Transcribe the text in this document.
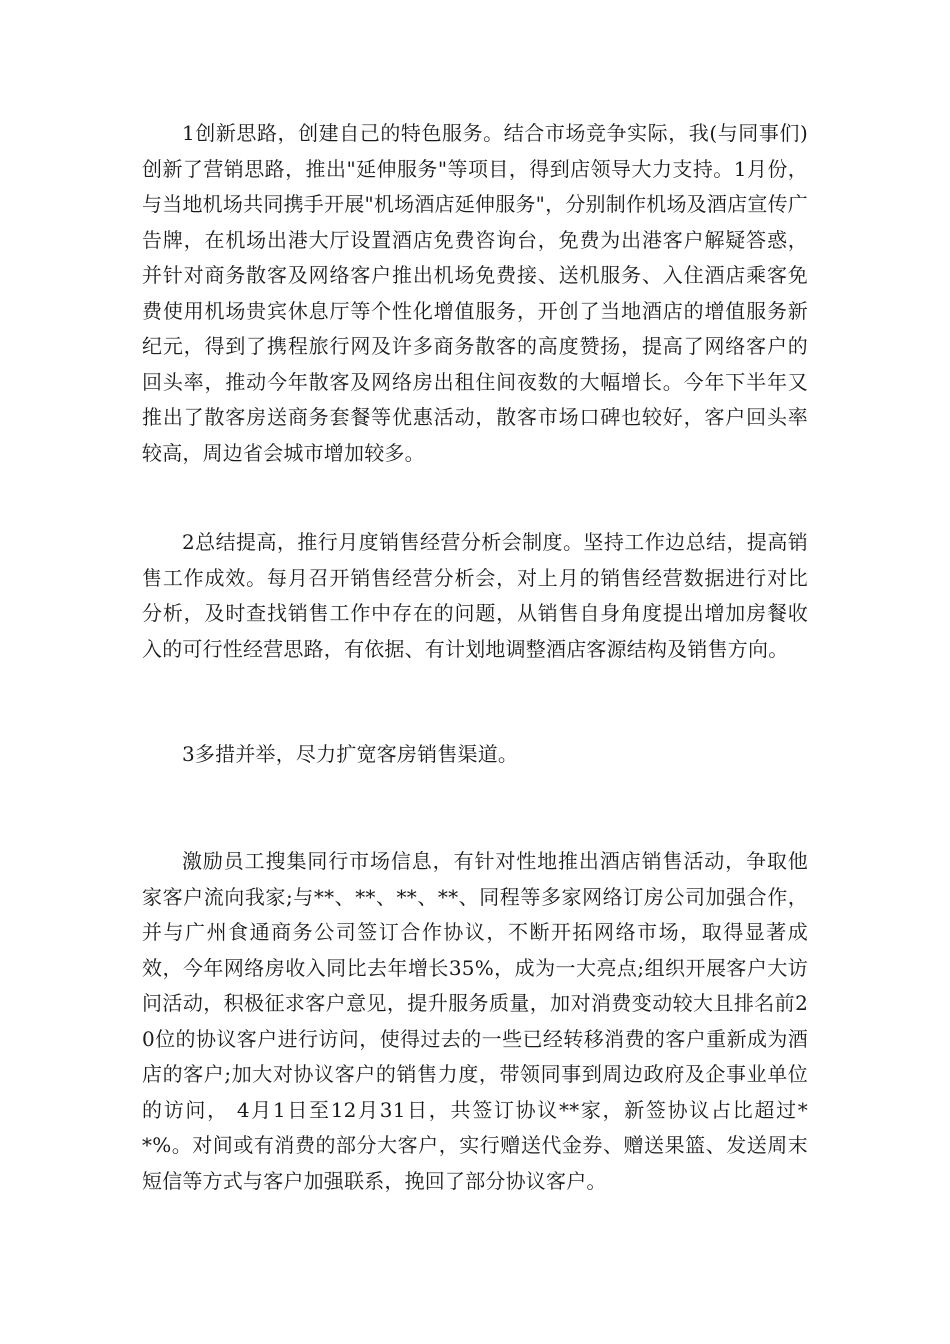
1创新思路，创建自己的特色服务。结合市场竞争实际，我(与同事们)创新了营销思路，推出"延伸服务"等项目，得到店领导大力支持。1月份，与当地机场共同携手开展"机场酒店延伸服务"，分别制作机场及酒店宣传广告牌，在机场出港大厅设置酒店免费咨询台，免费为出港客户解疑答惑，并针对商务散客及网络客户推出机场免费接、送机服务、入住酒店乘客免费使用机场贵宾休息厅等个性化增值服务，开创了当地酒店的增值服务新纪元，得到了携程旅行网及许多商务散客的高度赞扬，提高了网络客户的回头率，推动今年散客及网络房出租住间夜数的大幅增长。今年下半年又推出了散客房送商务套餐等优惠活动，散客市场口碑也较好，客户回头率较高，周边省会城市增加较多。

2总结提高，推行月度销售经营分析会制度。坚持工作边总结，提高销售工作成效。每月召开销售经营分析会，对上月的销售经营数据进行对比分析，及时查找销售工作中存在的问题，从销售自身角度提出增加房餐收入的可行性经营思路，有依据、有计划地调整酒店客源结构及销售方向。

3多措并举，尽力扩宽客房销售渠道。

激励员工搜集同行市场信息，有针对性地推出酒店销售活动，争取他家客户流向我家;与**、**、**、**、同程等多家网络订房公司加强合作，并与广州食通商务公司签订合作协议，不断开拓网络市场，取得显著成效，今年网络房收入同比去年增长35%，成为一大亮点;组织开展客户大访问活动，积极征求客户意见，提升服务质量，加对消费变动较大且排名前20位的协议客户进行访问，使得过去的一些已经转移消费的客户重新成为酒店的客户;加大对协议客户的销售力度，带领同事到周边政府及企事业单位的访问， 4月1日至12月31日，共签订协议**家，新签协议占比超过**%。对间或有消费的部分大客户，实行赠送代金券、赠送果篮、发送周末短信等方式与客户加强联系，挽回了部分协议客户。
